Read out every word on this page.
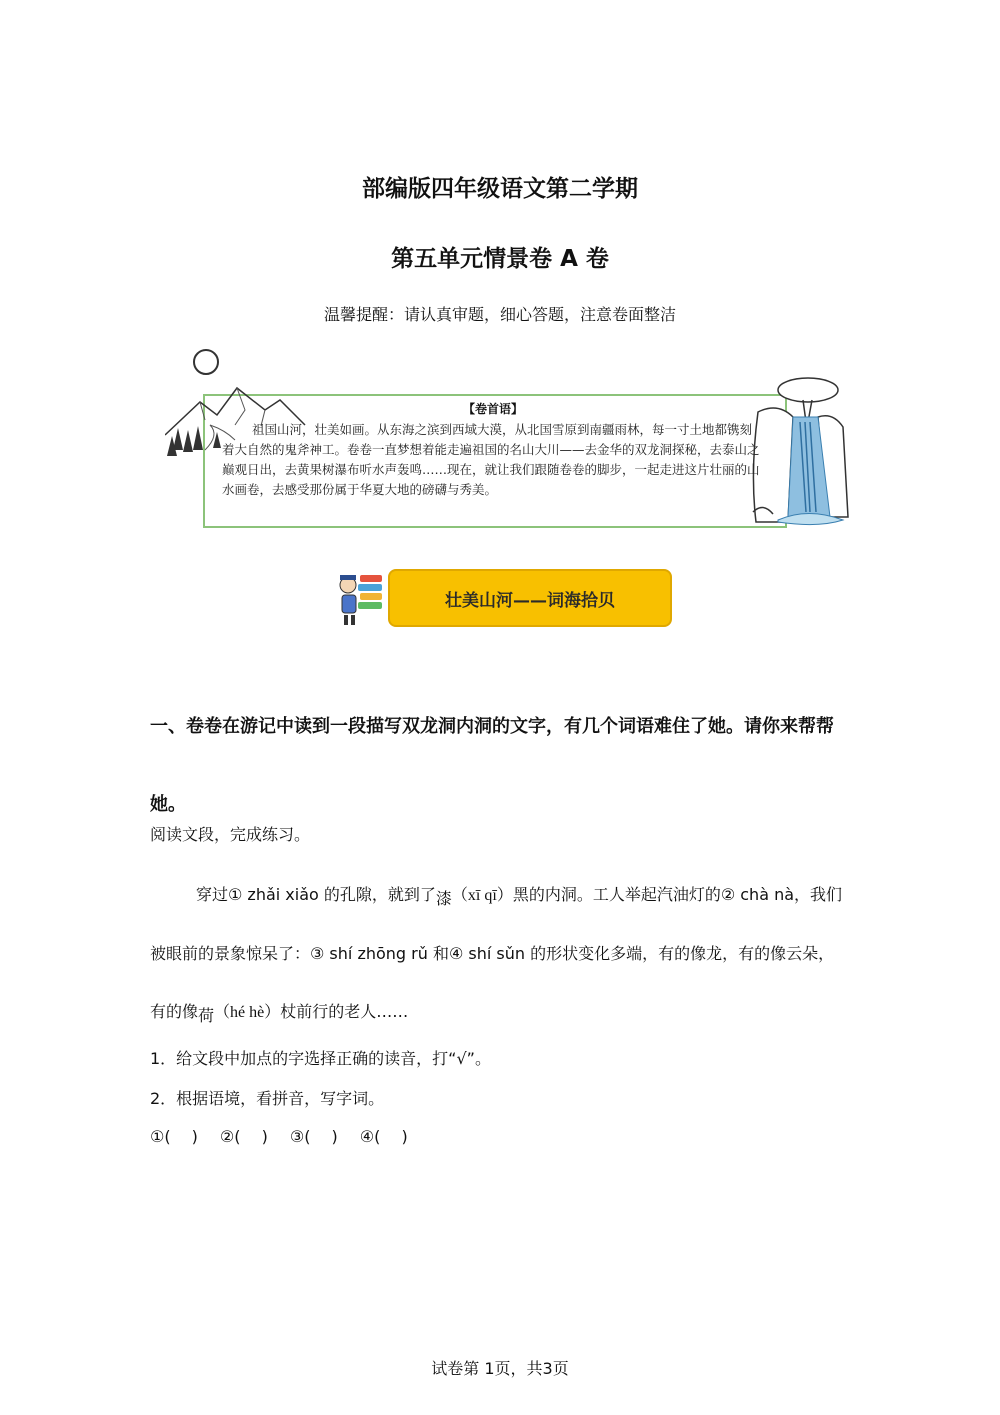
部编版四年级语文第二学期
第五单元情景卷 A 卷
温馨提醒：请认真审题，细心答题，注意卷面整洁
【卷首语】
祖国山河，壮美如画。从东海之滨到西域大漠，从北国雪原到南疆雨林，每一寸土地都镌刻着大自然的鬼斧神工。卷卷一直梦想着能走遍祖国的名山大川——去金华的双龙洞探秘，去泰山之巅观日出，去黄果树瀑布听水声轰鸣……现在，就让我们跟随卷卷的脚步，一起走进这片壮丽的山水画卷，去感受那份属于华夏大地的磅礴与秀美。
壮美山河——词海拾贝
一、卷卷在游记中读到一段描写双龙洞内洞的文字，有几个词语难住了她。请你来帮帮她。
阅读文段，完成练习。
穿过① zhǎi xiǎo 的孔隙，就到了漆（xī qī）黑的内洞。工人举起汽油灯的② chà nà，我们被眼前的景象惊呆了：③ shí zhōng rǔ 和④ shí sǔn 的形状变化多端，有的像龙，有的像云朵，有的像荷（hé hè）杖前行的老人……
1．给文段中加点的字选择正确的读音，打“√”。
2．根据语境，看拼音，写字词。
①(　 ) ②(　 ) ③(　 ) ④(　 )
试卷第 1页，共3页
